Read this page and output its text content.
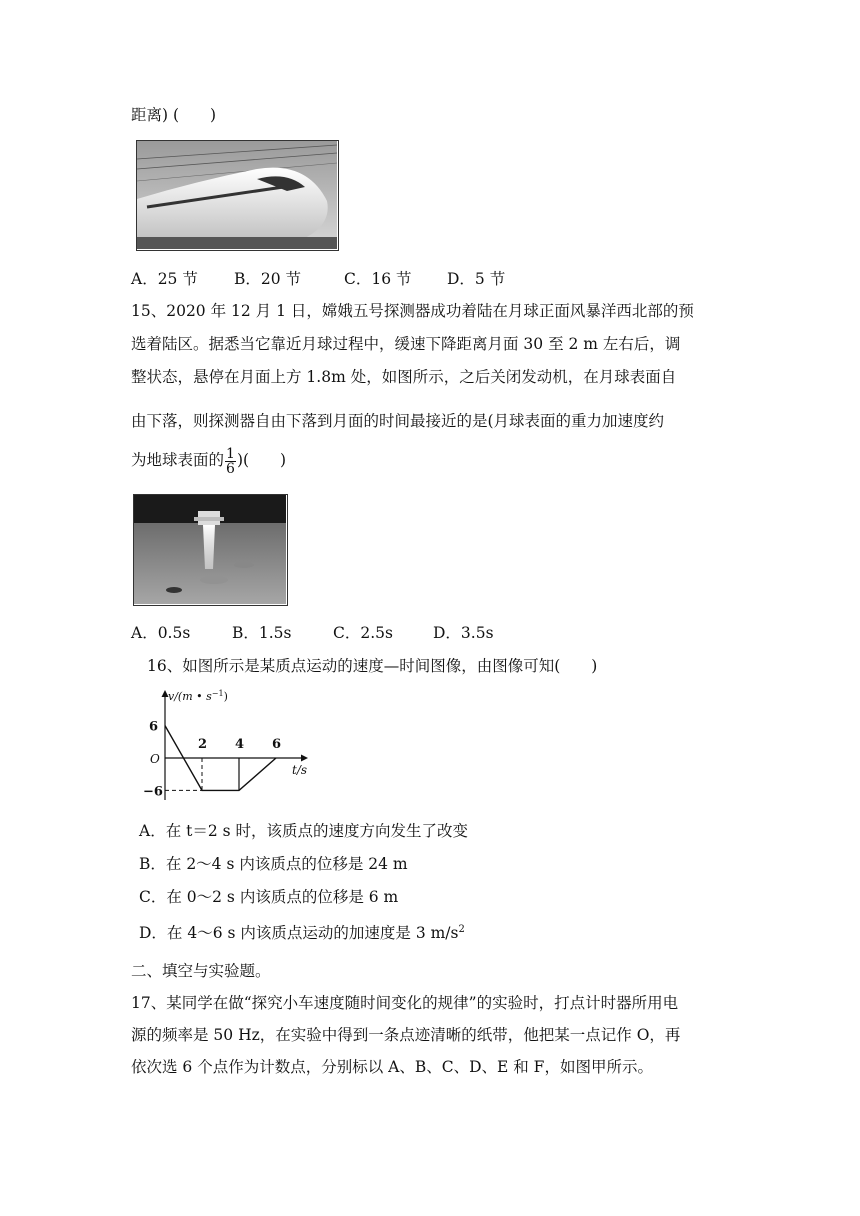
距离) (　　)
A．25 节 B．20 节	C．16 节 D．5 节
15、2020 年 12 月 1 日，嫦娥五号探测器成功着陆在月球正面风暴洋西北部的预
选着陆区。据悉当它靠近月球过程中，缓速下降距离月面 30 至 2 m 左右后，调
整状态，悬停在月面上方 1.8m 处，如图所示，之后关闭发动机，在月球表面自
由下落，则探测器自由下落到月面的时间最接近的是(月球表面的重力加速度约
为地球表面的 $\frac{1}{6}$ )(　　)
A．0.5s	B．1.5s	C．2.5s	D．3.5s
16、如图所示是某质点运动的速度—时间图像，由图像可知(　　)
v/(m • $s^{-1}$)
t/s
O
6
−6
2 4 6
A．在 t＝2 s 时，该质点的速度方向发生了改变
B．在 2～4 s 内该质点的位移是 24 m
C．在 0～2 s 内该质点的位移是 6 m
D．在 4～6 s 内该质点运动的加速度是 3 $m/s^2$
二、填空与实验题。
17、某同学在做“探究小车速度随时间变化的规律”的实验时，打点计时器所用电
源的频率是 50 Hz，在实验中得到一条点迹清晰的纸带，他把某一点记作 O，再
依次选 6 个点作为计数点，分别标以 A、B、C、D、E 和 F，如图甲所示。
